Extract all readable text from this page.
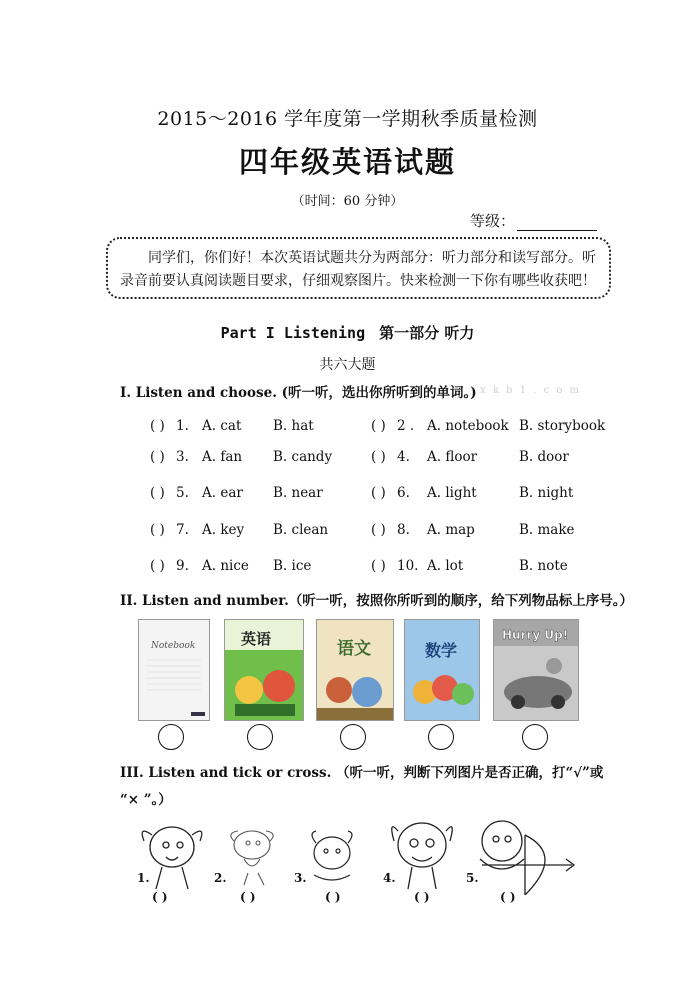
2015～2016 学年度第一学期秋季质量检测
四年级英语试题
（时间：60 分钟）
等级：
同学们，你们好！本次英语试题共分为两部分：听力部分和读写部分。听录音前要认真阅读题目要求，仔细观察图片。快来检测一下你有哪些收获吧！
Part I Listening 第一部分 听力
共六大题
I. Listen and choose. (听一听，选出你所听到的单词。) x k b 1 . c o m
( ) 1. A. cat B. hat	( ) 2 . A. notebook B. storybook
( ) 3. A. fan B. candy	( ) 4. A. floor	B. door
( ) 5. A. ear B. near	( ) 6. A. light	B. night
( ) 7. A. key B. clean	( ) 8. A. map	B. make
( ) 9. A. nice B. ice	( ) 10. A. lot	B. note
II. Listen and number.（听一听，按照你所听到的顺序，给下列物品标上序号。）
Notebook	英语	语文	数学
Hurry Up!
III. Listen and tick or cross. （听一听，判断下列图片是否正确，打“√”或
“× ”。）
1.	2.	3.	4.	5.
( )	( )	( )	( )	( )
